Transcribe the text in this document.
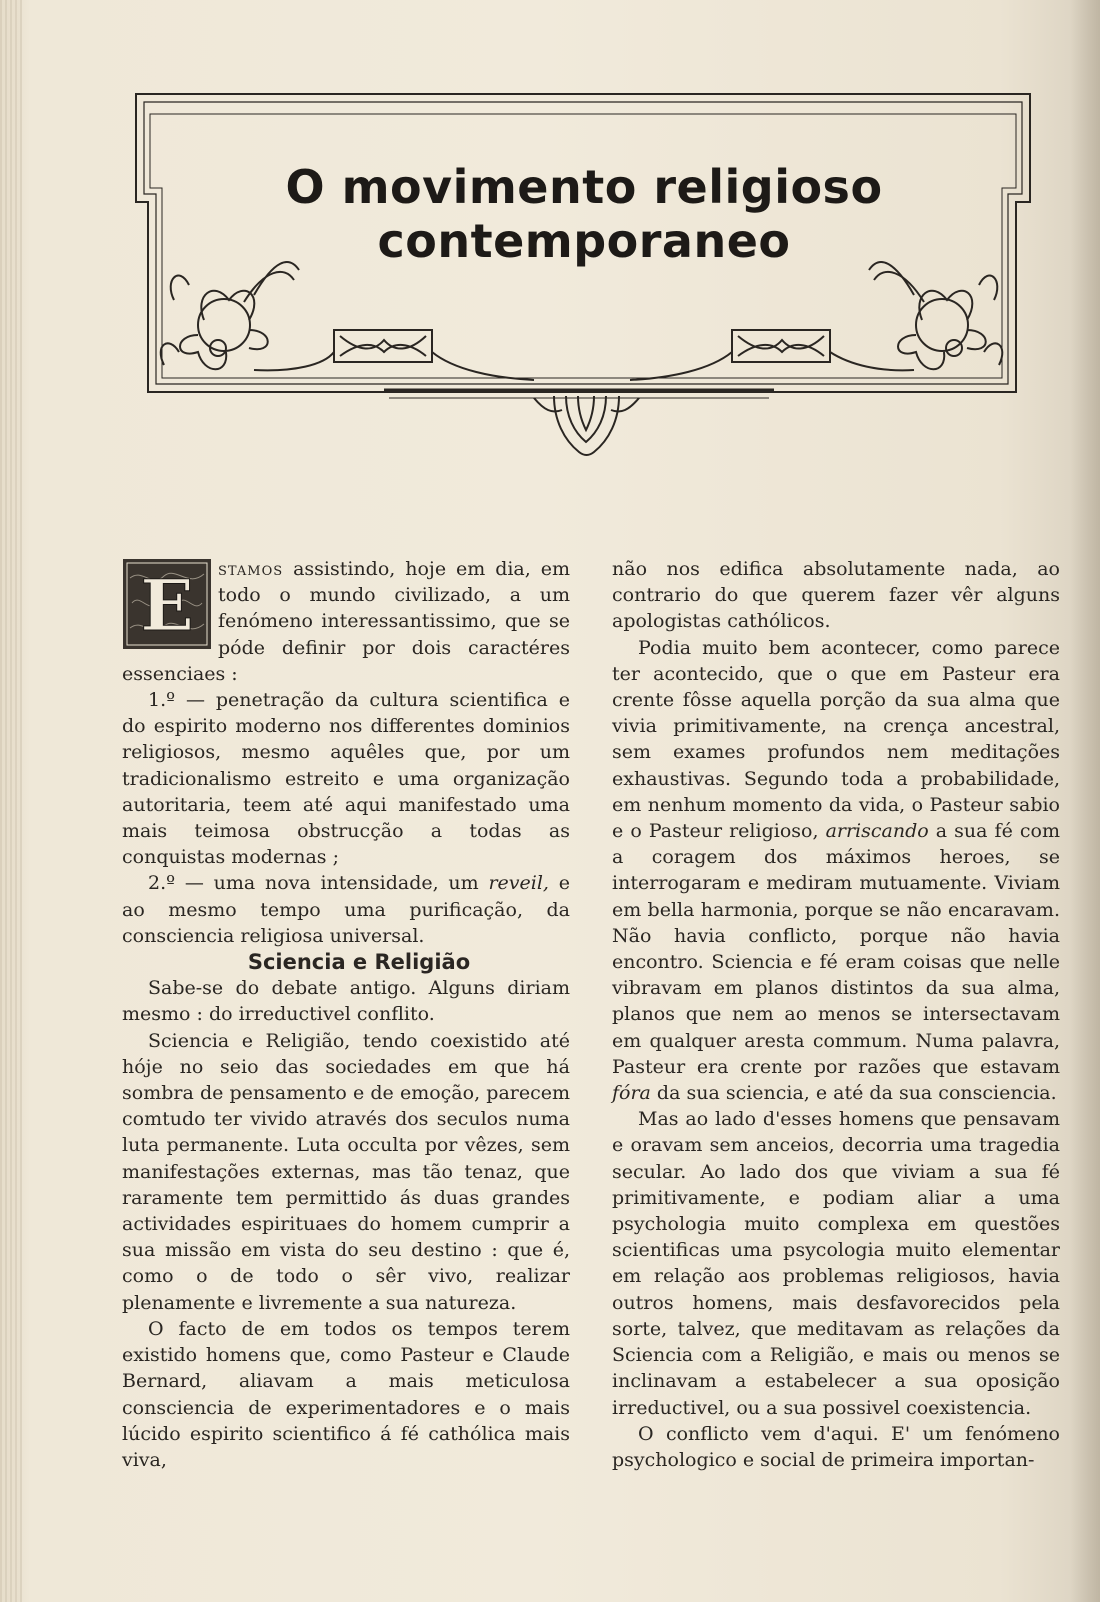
O movimento religioso
contemporaneo

E stamos assistindo, hoje em dia, em todo o mundo civilizado, a um fenómeno interessantissimo, que se póde definir por dois caractéres essenciaes :

1.º — penetração da cultura scientifica e do espirito moderno nos differentes dominios religiosos, mesmo aquêles que, por um tradicionalismo estreito e uma organização autoritaria, teem até aqui manifestado uma mais teimosa obstrucção a todas as conquistas modernas ;

2.º — uma nova intensidade, um reveil, e ao mesmo tempo uma purificação, da consciencia religiosa universal.

Sciencia e Religião

Sabe-se do debate antigo. Alguns diriam mesmo : do irreductivel conflito.

Sciencia e Religião, tendo coexistido até hóje no seio das sociedades em que há sombra de pensamento e de emoção, parecem comtudo ter vivido através dos seculos numa luta permanente. Luta occulta por vêzes, sem manifestações externas, mas tão tenaz, que raramente tem permittido ás duas grandes actividades espirituaes do homem cumprir a sua missão em vista do seu destino : que é, como o de todo o sêr vivo, realizar plenamente e livremente a sua natureza.

O facto de em todos os tempos terem existido homens que, como Pasteur e Claude Bernard, aliavam a mais meticulosa consciencia de experimentadores e o mais lúcido espirito scientifico á fé cathólica mais viva,

não nos edifica absolutamente nada, ao contrario do que querem fazer vêr alguns apologistas cathólicos.

Podia muito bem acontecer, como parece ter acontecido, que o que em Pasteur era crente fôsse aquella porção da sua alma que vivia primitivamente, na crença ancestral, sem exames profundos nem meditações exhaustivas. Segundo toda a probabilidade, em nenhum momento da vida, o Pasteur sabio e o Pasteur religioso, arriscando a sua fé com a coragem dos máximos heroes, se interrogaram e mediram mutuamente. Viviam em bella harmonia, porque se não encaravam. Não havia conflicto, porque não havia encontro. Sciencia e fé eram coisas que nelle vibravam em planos distintos da sua alma, planos que nem ao menos se intersectavam em qualquer aresta commum. Numa palavra, Pasteur era crente por razões que estavam fóra da sua sciencia, e até da sua consciencia.

Mas ao lado d'esses homens que pensavam e oravam sem anceios, decorria uma tragedia secular. Ao lado dos que viviam a sua fé primitivamente, e podiam aliar a uma psychologia muito complexa em questões scientificas uma psycologia muito elementar em relação aos problemas religiosos, havia outros homens, mais desfavorecidos pela sorte, talvez, que meditavam as relações da Sciencia com a Religião, e mais ou menos se inclinavam a estabelecer a sua oposição irreductivel, ou a sua possivel coexistencia.

O conflicto vem d'aqui. E' um fenómeno psychologico e social de primeira importan-
